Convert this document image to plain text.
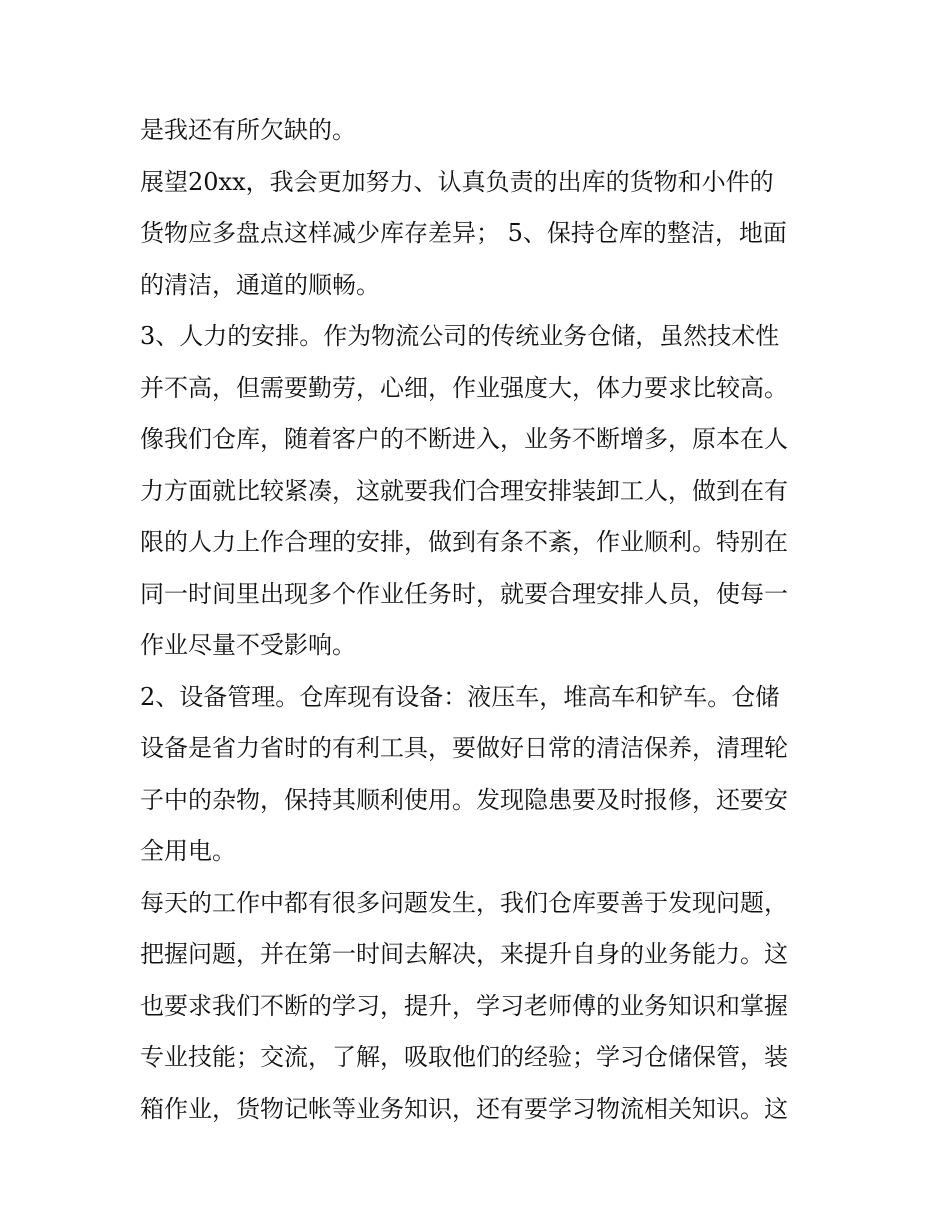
是我还有所欠缺的。
展望20xx，我会更加努力、认真负责的出库的货物和小件的
货物应多盘点这样减少库存差异； 5、保持仓库的整洁，地面
的清洁，通道的顺畅。
3、人力的安排。作为物流公司的传统业务仓储，虽然技术性
并不高，但需要勤劳，心细，作业强度大，体力要求比较高。
像我们仓库，随着客户的不断进入，业务不断增多，原本在人
力方面就比较紧凑，这就要我们合理安排装卸工人，做到在有
限的人力上作合理的安排，做到有条不紊，作业顺利。特别在
同一时间里出现多个作业任务时，就要合理安排人员，使每一
作业尽量不受影响。
2、设备管理。仓库现有设备：液压车，堆高车和铲车。仓储
设备是省力省时的有利工具，要做好日常的清洁保养，清理轮
子中的杂物，保持其顺利使用。发现隐患要及时报修，还要安
全用电。
每天的工作中都有很多问题发生，我们仓库要善于发现问题，
把握问题，并在第一时间去解决，来提升自身的业务能力。这
也要求我们不断的学习，提升，学习老师傅的业务知识和掌握
专业技能；交流，了解，吸取他们的经验；学习仓储保管，装
箱作业，货物记帐等业务知识，还有要学习物流相关知识。这
